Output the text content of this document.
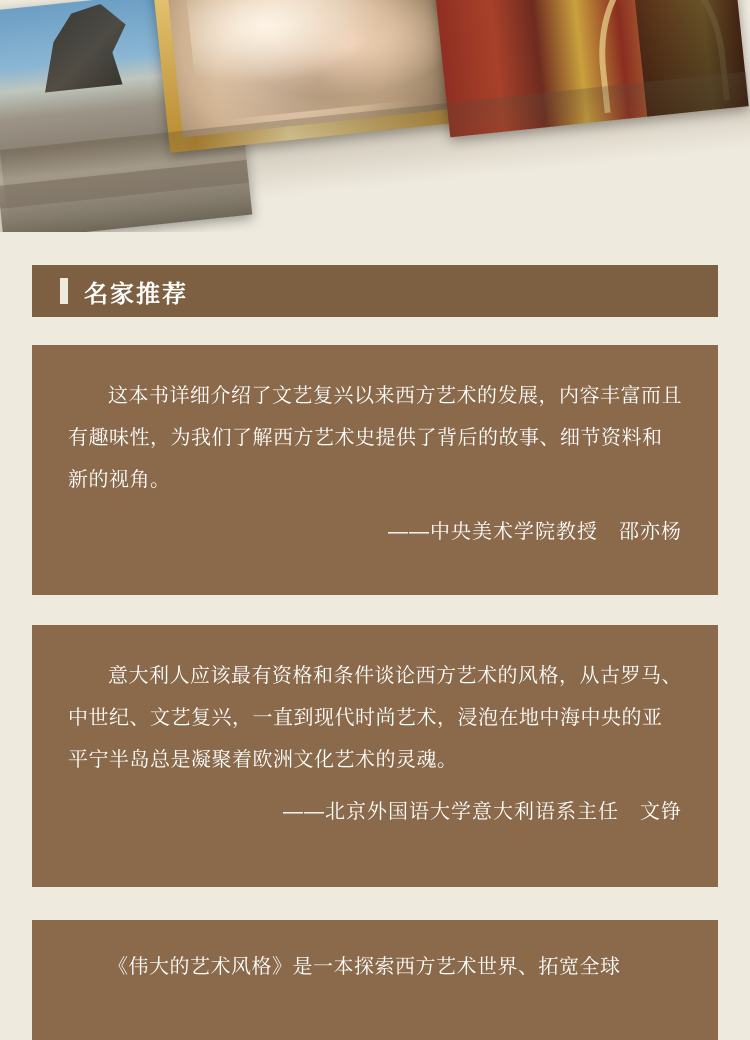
名家推荐

这本书详细介绍了文艺复兴以来西方艺术的发展，内容丰富而且有趣味性，为我们了解西方艺术史提供了背后的故事、细节资料和新的视角。

——中央美术学院教授　邵亦杨

意大利人应该最有资格和条件谈论西方艺术的风格，从古罗马、中世纪、文艺复兴，一直到现代时尚艺术，浸泡在地中海中央的亚平宁半岛总是凝聚着欧洲文化艺术的灵魂。

——北京外国语大学意大利语系主任　文铮

《伟大的艺术风格》是一本探索西方艺术世界、拓宽全球
